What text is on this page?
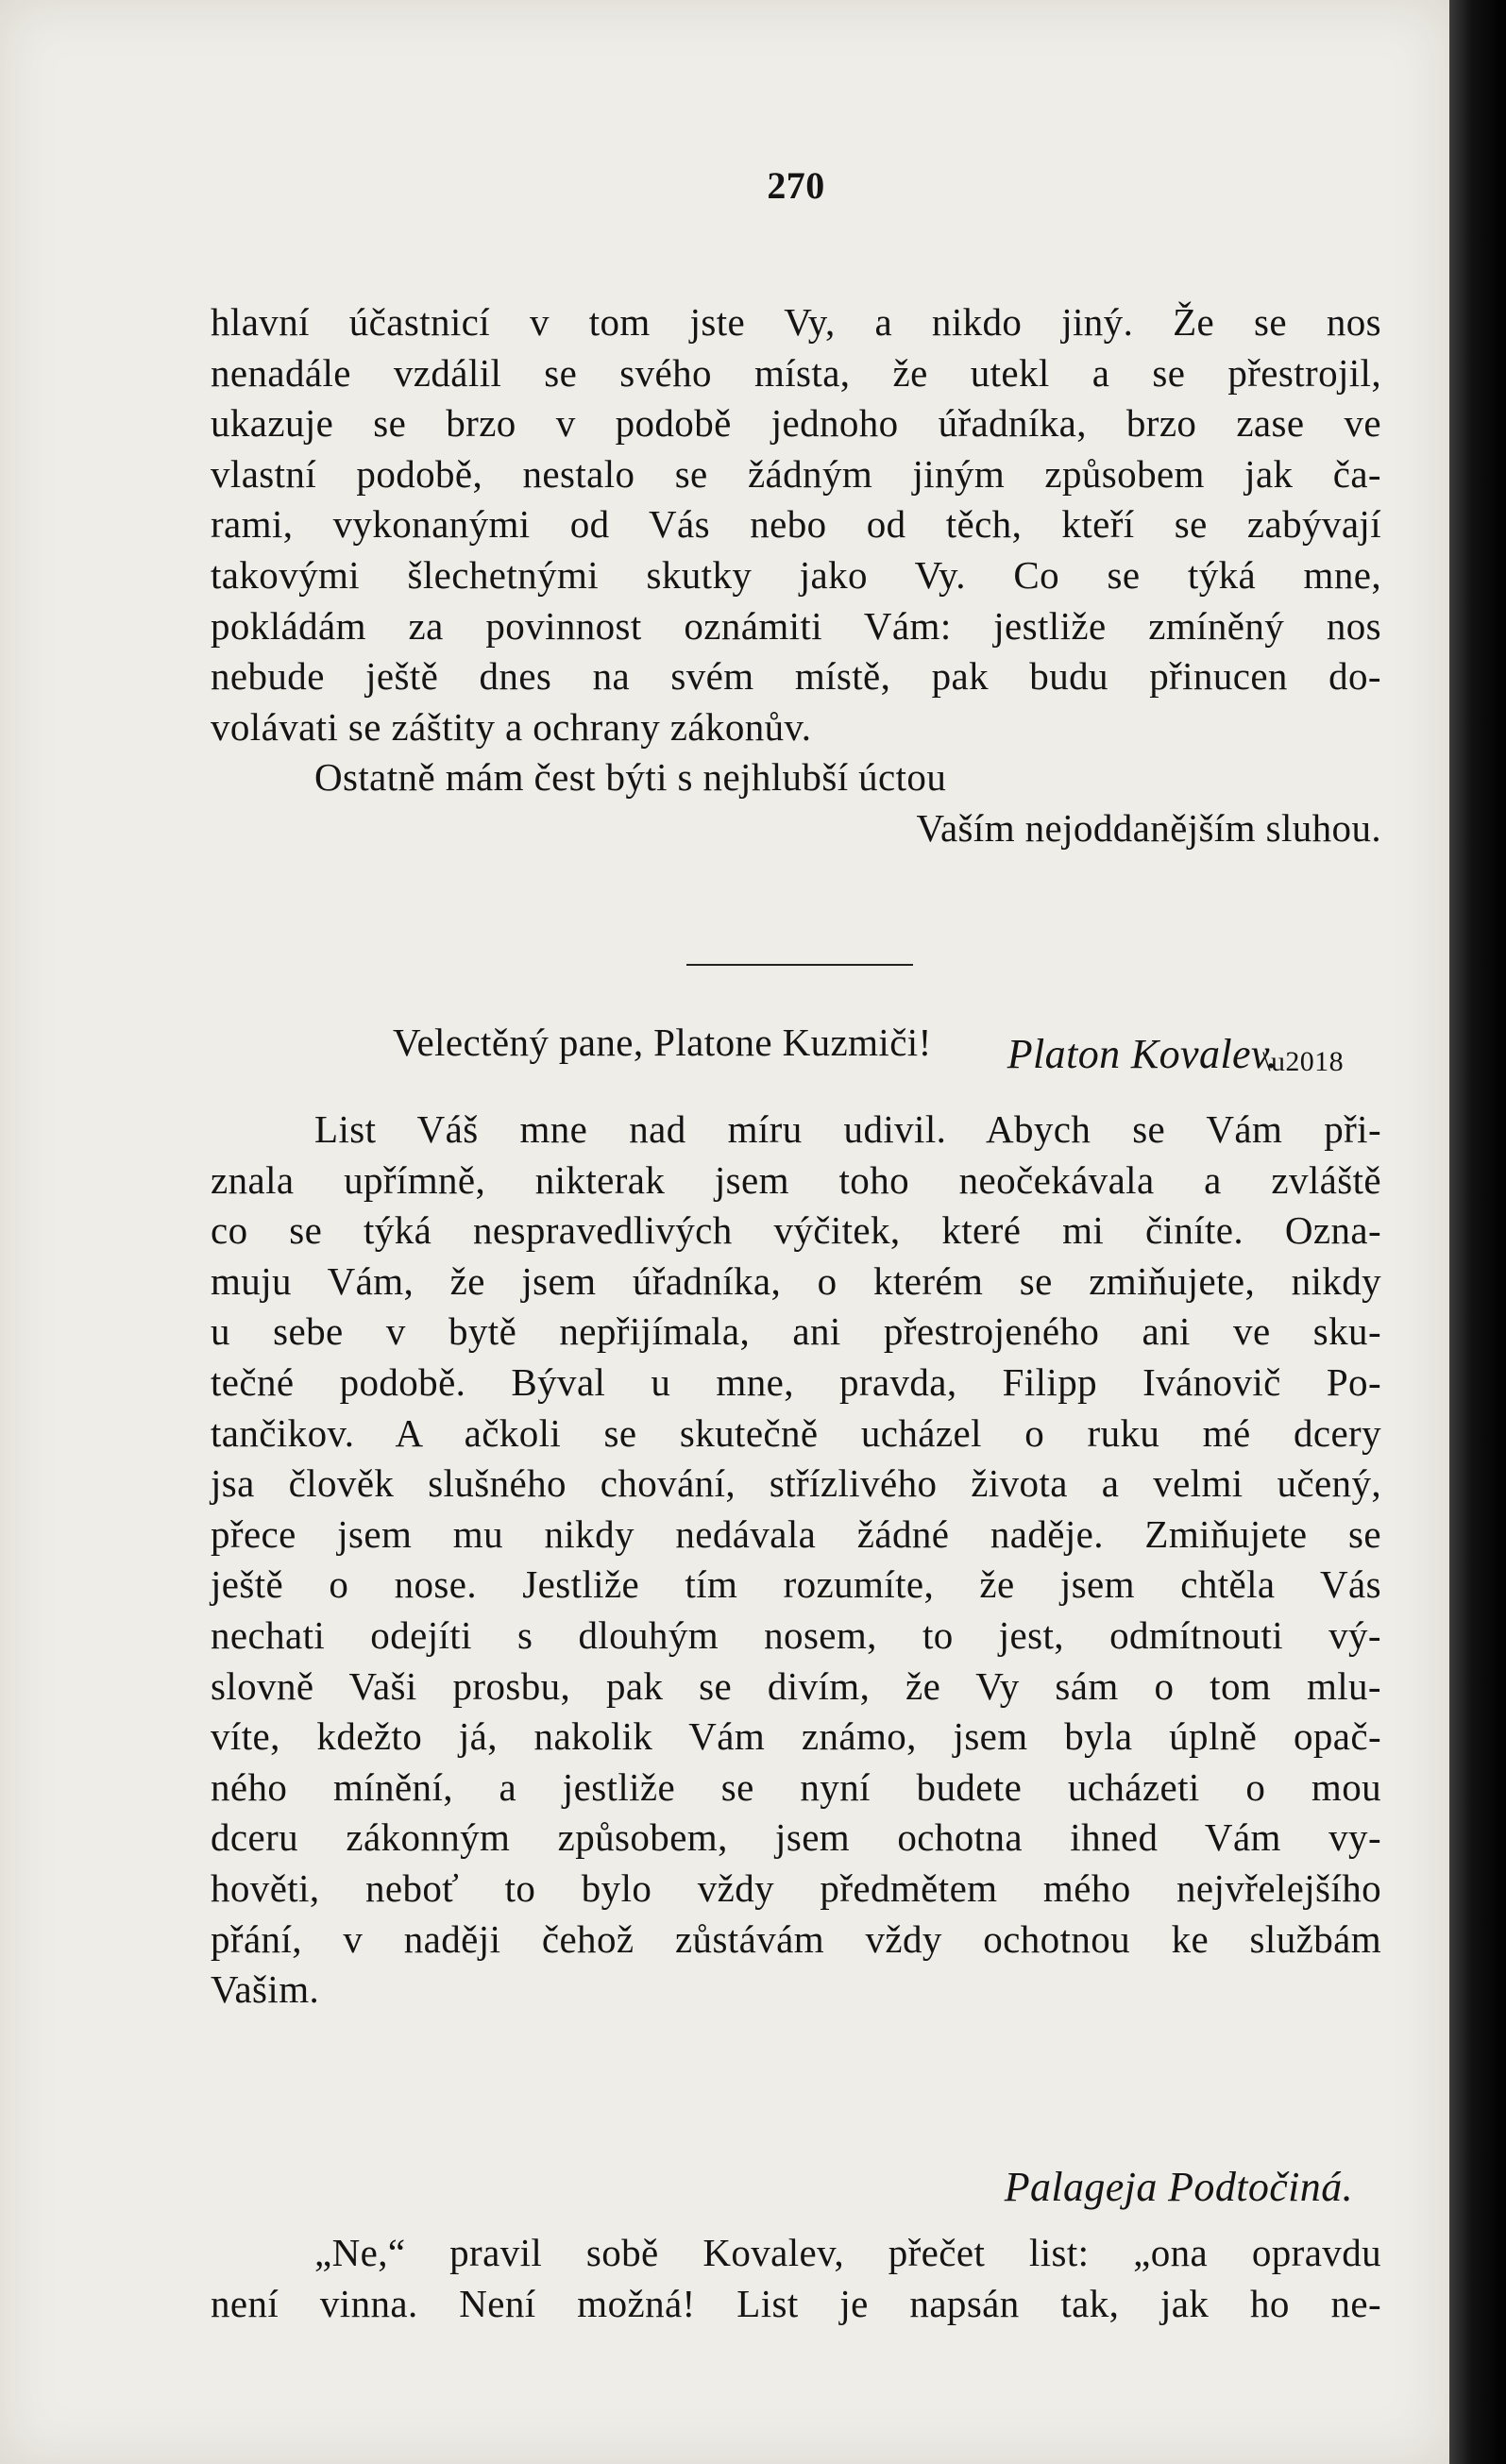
270
hlavní účastnicí v tom jste Vy, a nikdo jiný. Že se nos
nenadále vzdálil se svého místa, že utekl a se přestrojil,
ukazuje se brzo v podobě jednoho úřadníka, brzo zase ve
vlastní podobě, nestalo se žádným jiným způsobem jak ča-
rami, vykonanými od Vás nebo od těch, kteří se zabývají
takovými šlechetnými skutky jako Vy. Co se týká mne,
pokládám za povinnost oznámiti Vám: jestliže zmíněný nos
nebude ještě dnes na svém místě, pak budu přinucen do-
volávati se záštity a ochrany zákonův.
Ostatně mám čest býti s nejhlubší úctou
Vaším nejoddanějším sluhou.
Platon Kovalev.
\u2018
Velectěný pane, Platone Kuzmiči!
List Váš mne nad míru udivil. Abych se Vám při-
znala upřímně, nikterak jsem toho neočekávala a zvláště
co se týká nespravedlivých výčitek, které mi činíte. Ozna-
muju Vám, že jsem úřadníka, o kterém se zmiňujete, nikdy
u sebe v bytě nepřijímala, ani přestrojeného ani ve sku-
tečné podobě. Býval u mne, pravda, Filipp Ivánovič Po-
tančikov. A ačkoli se skutečně ucházel o ruku mé dcery
jsa člověk slušného chování, střízlivého života a velmi učený,
přece jsem mu nikdy nedávala žádné naděje. Zmiňujete se
ještě o nose. Jestliže tím rozumíte, že jsem chtěla Vás
nechati odejíti s dlouhým nosem, to jest, odmítnouti vý-
slovně Vaši prosbu, pak se divím, že Vy sám o tom mlu-
víte, kdežto já, nakolik Vám známo, jsem byla úplně opač-
ného mínění, a jestliže se nyní budete ucházeti o mou
dceru zákonným způsobem, jsem ochotna ihned Vám vy-
hověti, neboť to bylo vždy předmětem mého nejvřelejšího
přání, v naději čehož zůstávám vždy ochotnou ke službám
Vašim.
Palageja Podtočiná.
„Ne,“ pravil sobě Kovalev, přečet list: „ona opravdu
není vinna. Není možná! List je napsán tak, jak ho ne-
